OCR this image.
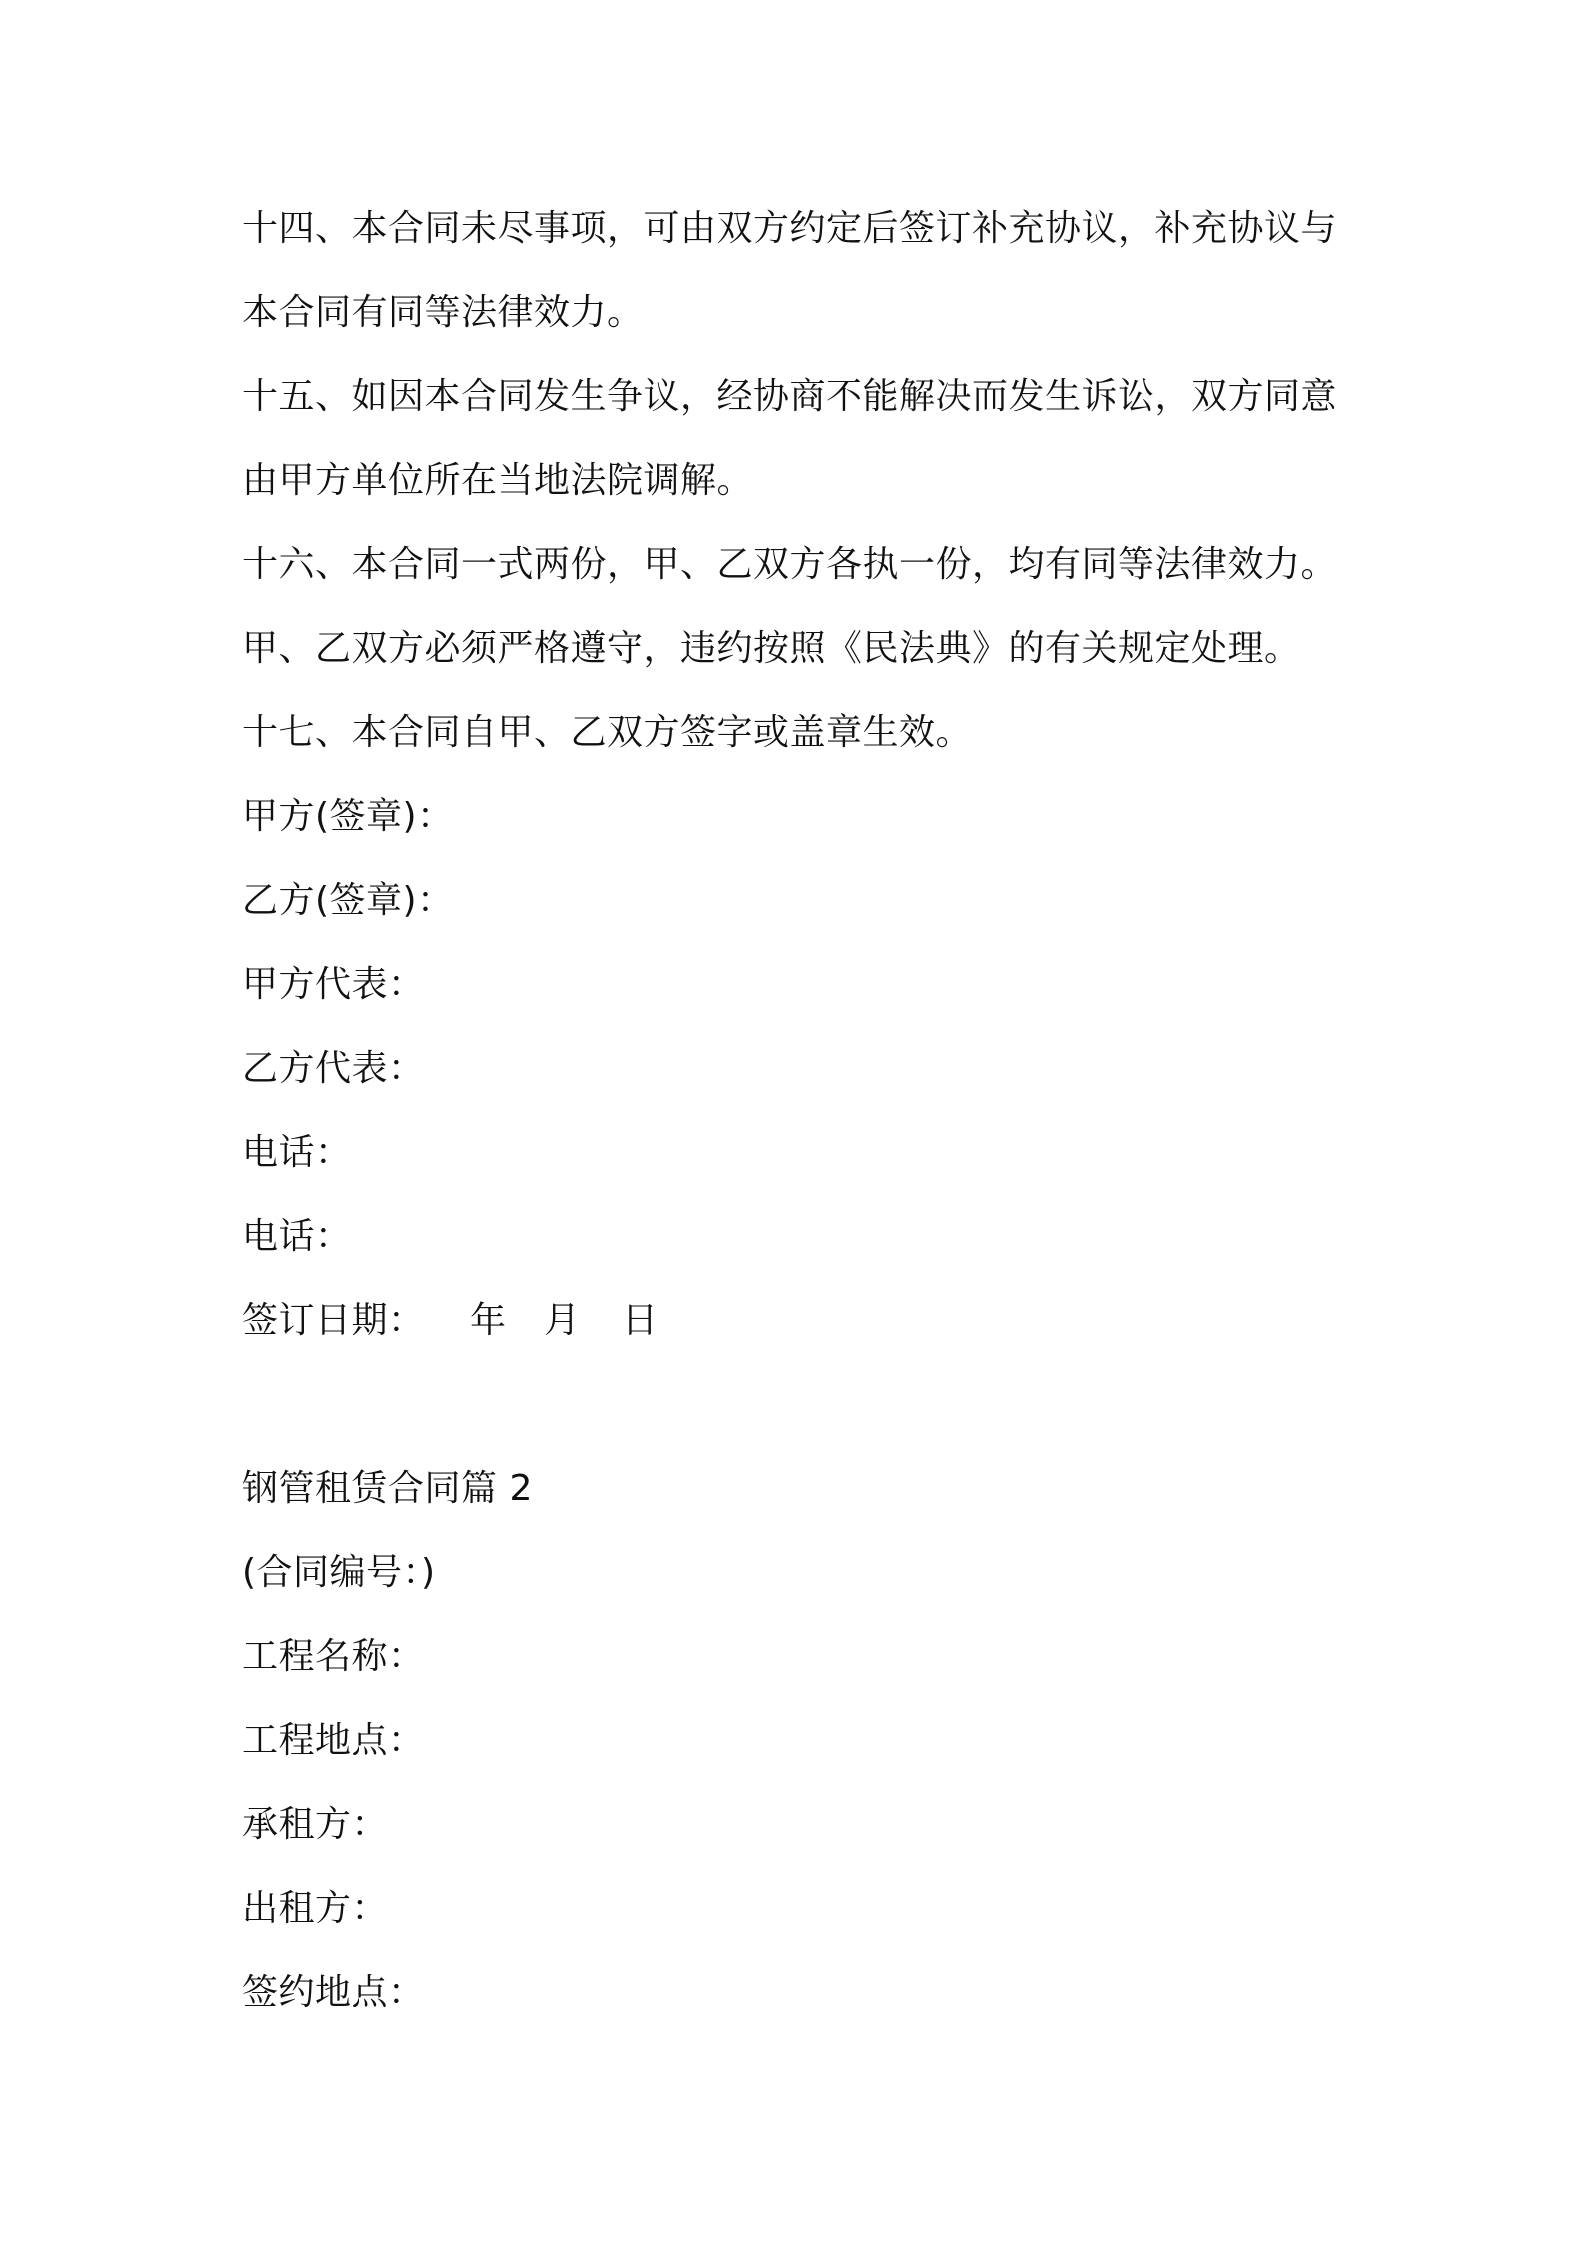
十四、本合同未尽事项，可由双方约定后签订补充协议，补充协议与
本合同有同等法律效力。
十五、如因本合同发生争议，经协商不能解决而发生诉讼，双方同意
由甲方单位所在当地法院调解。
十六、本合同一式两份，甲、乙双方各执一份，均有同等法律效力。
甲、乙双方必须严格遵守，违约按照《民法典》的有关规定处理。
十七、本合同自甲、乙双方签字或盖章生效。
甲方(签章)：
乙方(签章)：
甲方代表：
乙方代表：
电话：
电话：
签订日期： 年 月 日
钢管租赁合同篇 2
(合同编号：)
工程名称：
工程地点：
承租方：
出租方：
签约地点：
